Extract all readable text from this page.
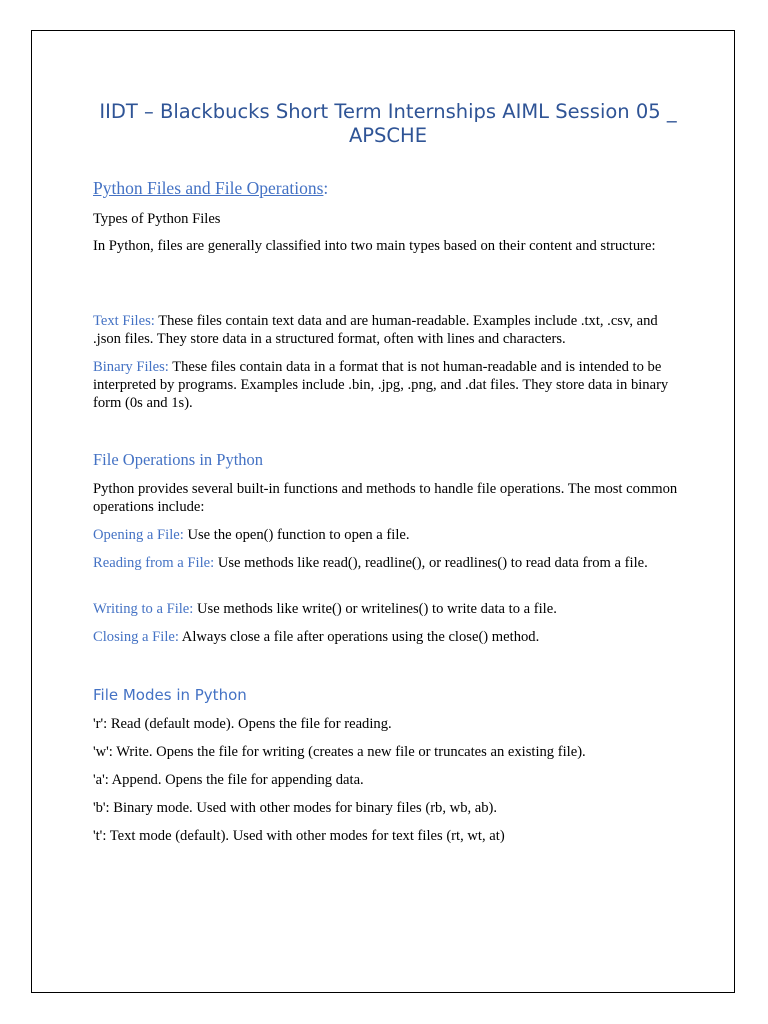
IIDT – Blackbucks Short Term Internships AIML Session 05 _ APSCHE
Python Files and File Operations:

Types of Python Files

In Python, files are generally classified into two main types based on their content and structure:

Text Files: These files contain text data and are human-readable. Examples include .txt, .csv, and .json files. They store data in a structured format, often with lines and characters.

Binary Files: These files contain data in a format that is not human-readable and is intended to be interpreted by programs. Examples include .bin, .jpg, .png, and .dat files. They store data in binary form (0s and 1s).

File Operations in Python

Python provides several built-in functions and methods to handle file operations. The most common operations include:

Opening a File: Use the open() function to open a file.

Reading from a File: Use methods like read(), readline(), or readlines() to read data from a file.

Writing to a File: Use methods like write() or writelines() to write data to a file.

Closing a File: Always close a file after operations using the close() method.

File Modes in Python

'r': Read (default mode). Opens the file for reading.

'w': Write. Opens the file for writing (creates a new file or truncates an existing file).

'a': Append. Opens the file for appending data.

'b': Binary mode. Used with other modes for binary files (rb, wb, ab).

't': Text mode (default). Used with other modes for text files (rt, wt, at)
